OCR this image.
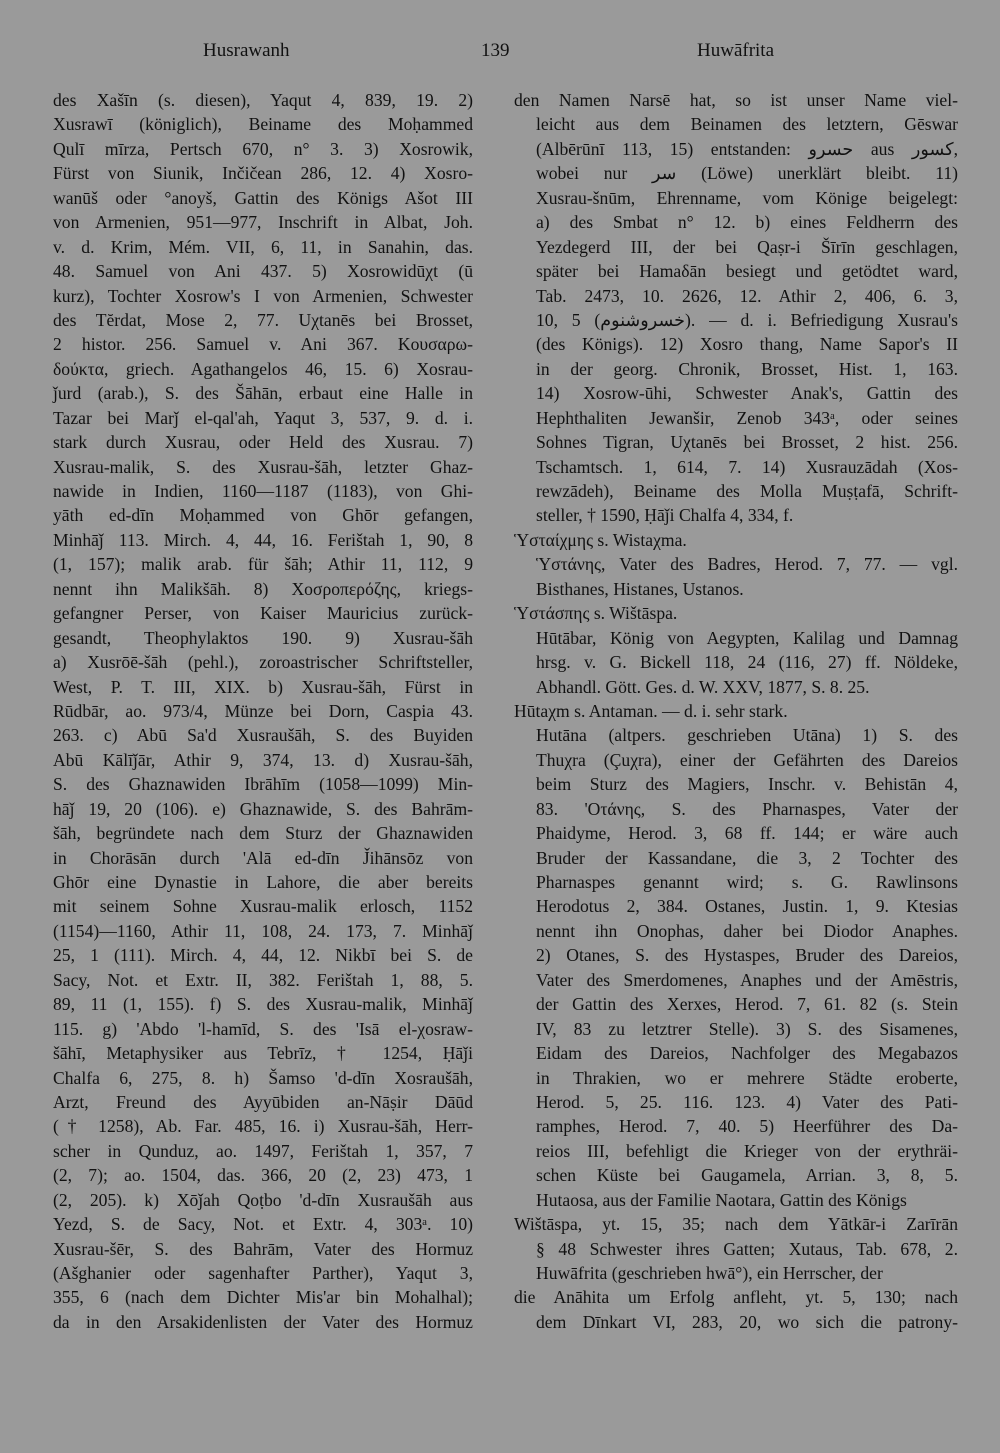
Husrawanh	139	Huwāfrita
des Xašīn (s. diesen), Yaqut 4, 839, 19. 2)
Xusrawī (königlich), Beiname des Moḥammed
Qulī mīrza, Pertsch 670, n° 3. 3) Xosrowik,
Fürst von Siunik, Inčičean 286, 12. 4) Xosro-
wanūš oder °anoyš, Gattin des Königs Ašot III
von Armenien, 951—977, Inschrift in Albat, Joh.
v. d. Krim, Mém. VII, 6, 11, in Sanahin, das.
48. Samuel von Ani 437. 5) Xosrowidūχt (ū
kurz), Tochter Xosrow's I von Armenien, Schwester
des Tĕrdat, Mose 2, 77. Uχtanēs bei Brosset,
2 histor. 256. Samuel v. Ani 367. Κουσαρω-
δούκτα, griech. Agathangelos 46, 15. 6) Xosrau-
ǰurd (arab.), S. des Šāhān, erbaut eine Halle in
Tazar bei Marǰ el-qal'ah, Yaqut 3, 537, 9. d. i.
stark durch Xusrau, oder Held des Xusrau. 7)
Xusrau-malik, S. des Xusrau-šāh, letzter Ghaz-
nawide in Indien, 1160—1187 (1183), von Ghi-
yāth ed-dīn Moḥammed von Ghōr gefangen,
Minhāǰ 113. Mirch. 4, 44, 16. Ferištah 1, 90, 8
(1, 157); malik arab. für šāh; Athir 11, 112, 9
nennt ihn Malikšāh. 8) Χοσροπερόζης, kriegs-
gefangner Perser, von Kaiser Mauricius zurück-
gesandt, Theophylaktos 190. 9) Xusrau-šāh
a) Xusrōē-šāh (pehl.), zoroastrischer Schriftsteller,
West, P. T. III, XIX. b) Xusrau-šāh, Fürst in
Rūdbār, ao. 973/4, Münze bei Dorn, Caspia 43.
263. c) Abū Sa'd Xusraušāh, S. des Buyiden
Abū Kālīǰār, Athir 9, 374, 13. d) Xusrau-šāh,
S. des Ghaznawiden Ibrāhīm (1058—1099) Min-
hāǰ 19, 20 (106). e) Ghaznawide, S. des Bahrām-
šāh, begründete nach dem Sturz der Ghaznawiden
in Chorāsān durch 'Alā ed-dīn J̌ihānsōz von
Ghōr eine Dynastie in Lahore, die aber bereits
mit seinem Sohne Xusrau-malik erlosch, 1152
(1154)—1160, Athir 11, 108, 24. 173, 7. Minhāǰ
25, 1 (111). Mirch. 4, 44, 12. Nikbī bei S. de
Sacy, Not. et Extr. II, 382. Ferištah 1, 88, 5.
89, 11 (1, 155). f) S. des Xusrau-malik, Minhāǰ
115. g) 'Abdo 'l-hamīd, S. des 'Isā el-χosraw-
šāhī, Metaphysiker aus Tebrīz, † 1254, Ḥāǰi
Chalfa 6, 275, 8. h) Šamso 'd-dīn Xosraušāh,
Arzt, Freund des Ayyūbiden an-Nāṣir Dāūd
(† 1258), Ab. Far. 485, 16. i) Xusrau-šāh, Herr-
scher in Qunduz, ao. 1497, Ferištah 1, 357, 7
(2, 7); ao. 1504, das. 366, 20 (2, 23) 473, 1
(2, 205). k) Xōǰah Qoṭbo 'd-dīn Xusraušāh aus
Yezd, S. de Sacy, Not. et Extr. 4, 303ᵃ. 10)
Xusrau-šēr, S. des Bahrām, Vater des Hormuz
(Ašghanier oder sagenhafter Parther), Yaqut 3,
355, 6 (nach dem Dichter Mis'ar bin Mohalhal);
da in den Arsakidenlisten der Vater des Hormuz
den Namen Narsē hat, so ist unser Name viel-
leicht aus dem Beinamen des letztern, Gēswar
(Albērūnī 113, 15) entstanden: حسرو aus كسور,
wobei nur سر (Löwe) unerklärt bleibt. 11)
Xusrau-šnūm, Ehrenname, vom Könige beigelegt:
a) des Smbat n° 12. b) eines Feldherrn des
Yezdegerd III, der bei Qaṣr-i Šīrīn geschlagen,
später bei Hamaδān besiegt und getödtet ward,
Tab. 2473, 10. 2626, 12. Athir 2, 406, 6. 3,
10, 5 (خسروشنوم). — d. i. Befriedigung Xusrau's
(des Königs). 12) Xosro thang, Name Sapor's II
in der georg. Chronik, Brosset, Hist. 1, 163.
14) Xosrow-ūhi, Schwester Anak's, Gattin des
Hephthaliten Jewanšir, Zenob 343ᵃ, oder seines
Sohnes Tigran, Uχtanēs bei Brosset, 2 hist. 256.
Tschamtsch. 1, 614, 7. 14) Xusrauzādah (Xos-
rewzādeh), Beiname des Molla Muṣṭafā, Schrift-
steller, † 1590, Ḥāǰi Chalfa 4, 334, f.
Ὑσταίχμης s. Wistaχma.
Ὑστάνης, Vater des Badres, Herod. 7, 77. — vgl.
Bisthanes, Histanes, Ustanos.
Ὑστάσπης s. Wištāspa.
Hūtābar, König von Aegypten, Kalilag und Damnag
hrsg. v. G. Bickell 118, 24 (116, 27) ff. Nöldeke,
Abhandl. Gött. Ges. d. W. XXV, 1877, S. 8. 25.
Hūtaχm s. Antaman. — d. i. sehr stark.
Hutāna (altpers. geschrieben Utāna) 1) S. des
Thuχra (Çuχra), einer der Gefährten des Dareios
beim Sturz des Magiers, Inschr. v. Behistān 4,
83. 'Οτάνης, S. des Pharnaspes, Vater der
Phaidyme, Herod. 3, 68 ff. 144; er wäre auch
Bruder der Kassandane, die 3, 2 Tochter des
Pharnaspes genannt wird; s. G. Rawlinsons
Herodotus 2, 384. Ostanes, Justin. 1, 9. Ktesias
nennt ihn Onophas, daher bei Diodor Anaphes.
2) Otanes, S. des Hystaspes, Bruder des Dareios,
Vater des Smerdomenes, Anaphes und der Amēstris,
der Gattin des Xerxes, Herod. 7, 61. 82 (s. Stein
IV, 83 zu letztrer Stelle). 3) S. des Sisamenes,
Eidam des Dareios, Nachfolger des Megabazos
in Thrakien, wo er mehrere Städte eroberte,
Herod. 5, 25. 116. 123. 4) Vater des Pati-
ramphes, Herod. 7, 40. 5) Heerführer des Da-
reios III, befehligt die Krieger von der erythräi-
schen Küste bei Gaugamela, Arrian. 3, 8, 5.
Hutaosa, aus der Familie Naotara, Gattin des Königs
Wištāspa, yt. 15, 35; nach dem Yātkār-i Zarīrān
§ 48 Schwester ihres Gatten; Xutaus, Tab. 678, 2.
Huwāfrita (geschrieben hwā°), ein Herrscher, der
die Anāhita um Erfolg anfleht, yt. 5, 130; nach
dem Dīnkart VI, 283, 20, wo sich die patrony-
